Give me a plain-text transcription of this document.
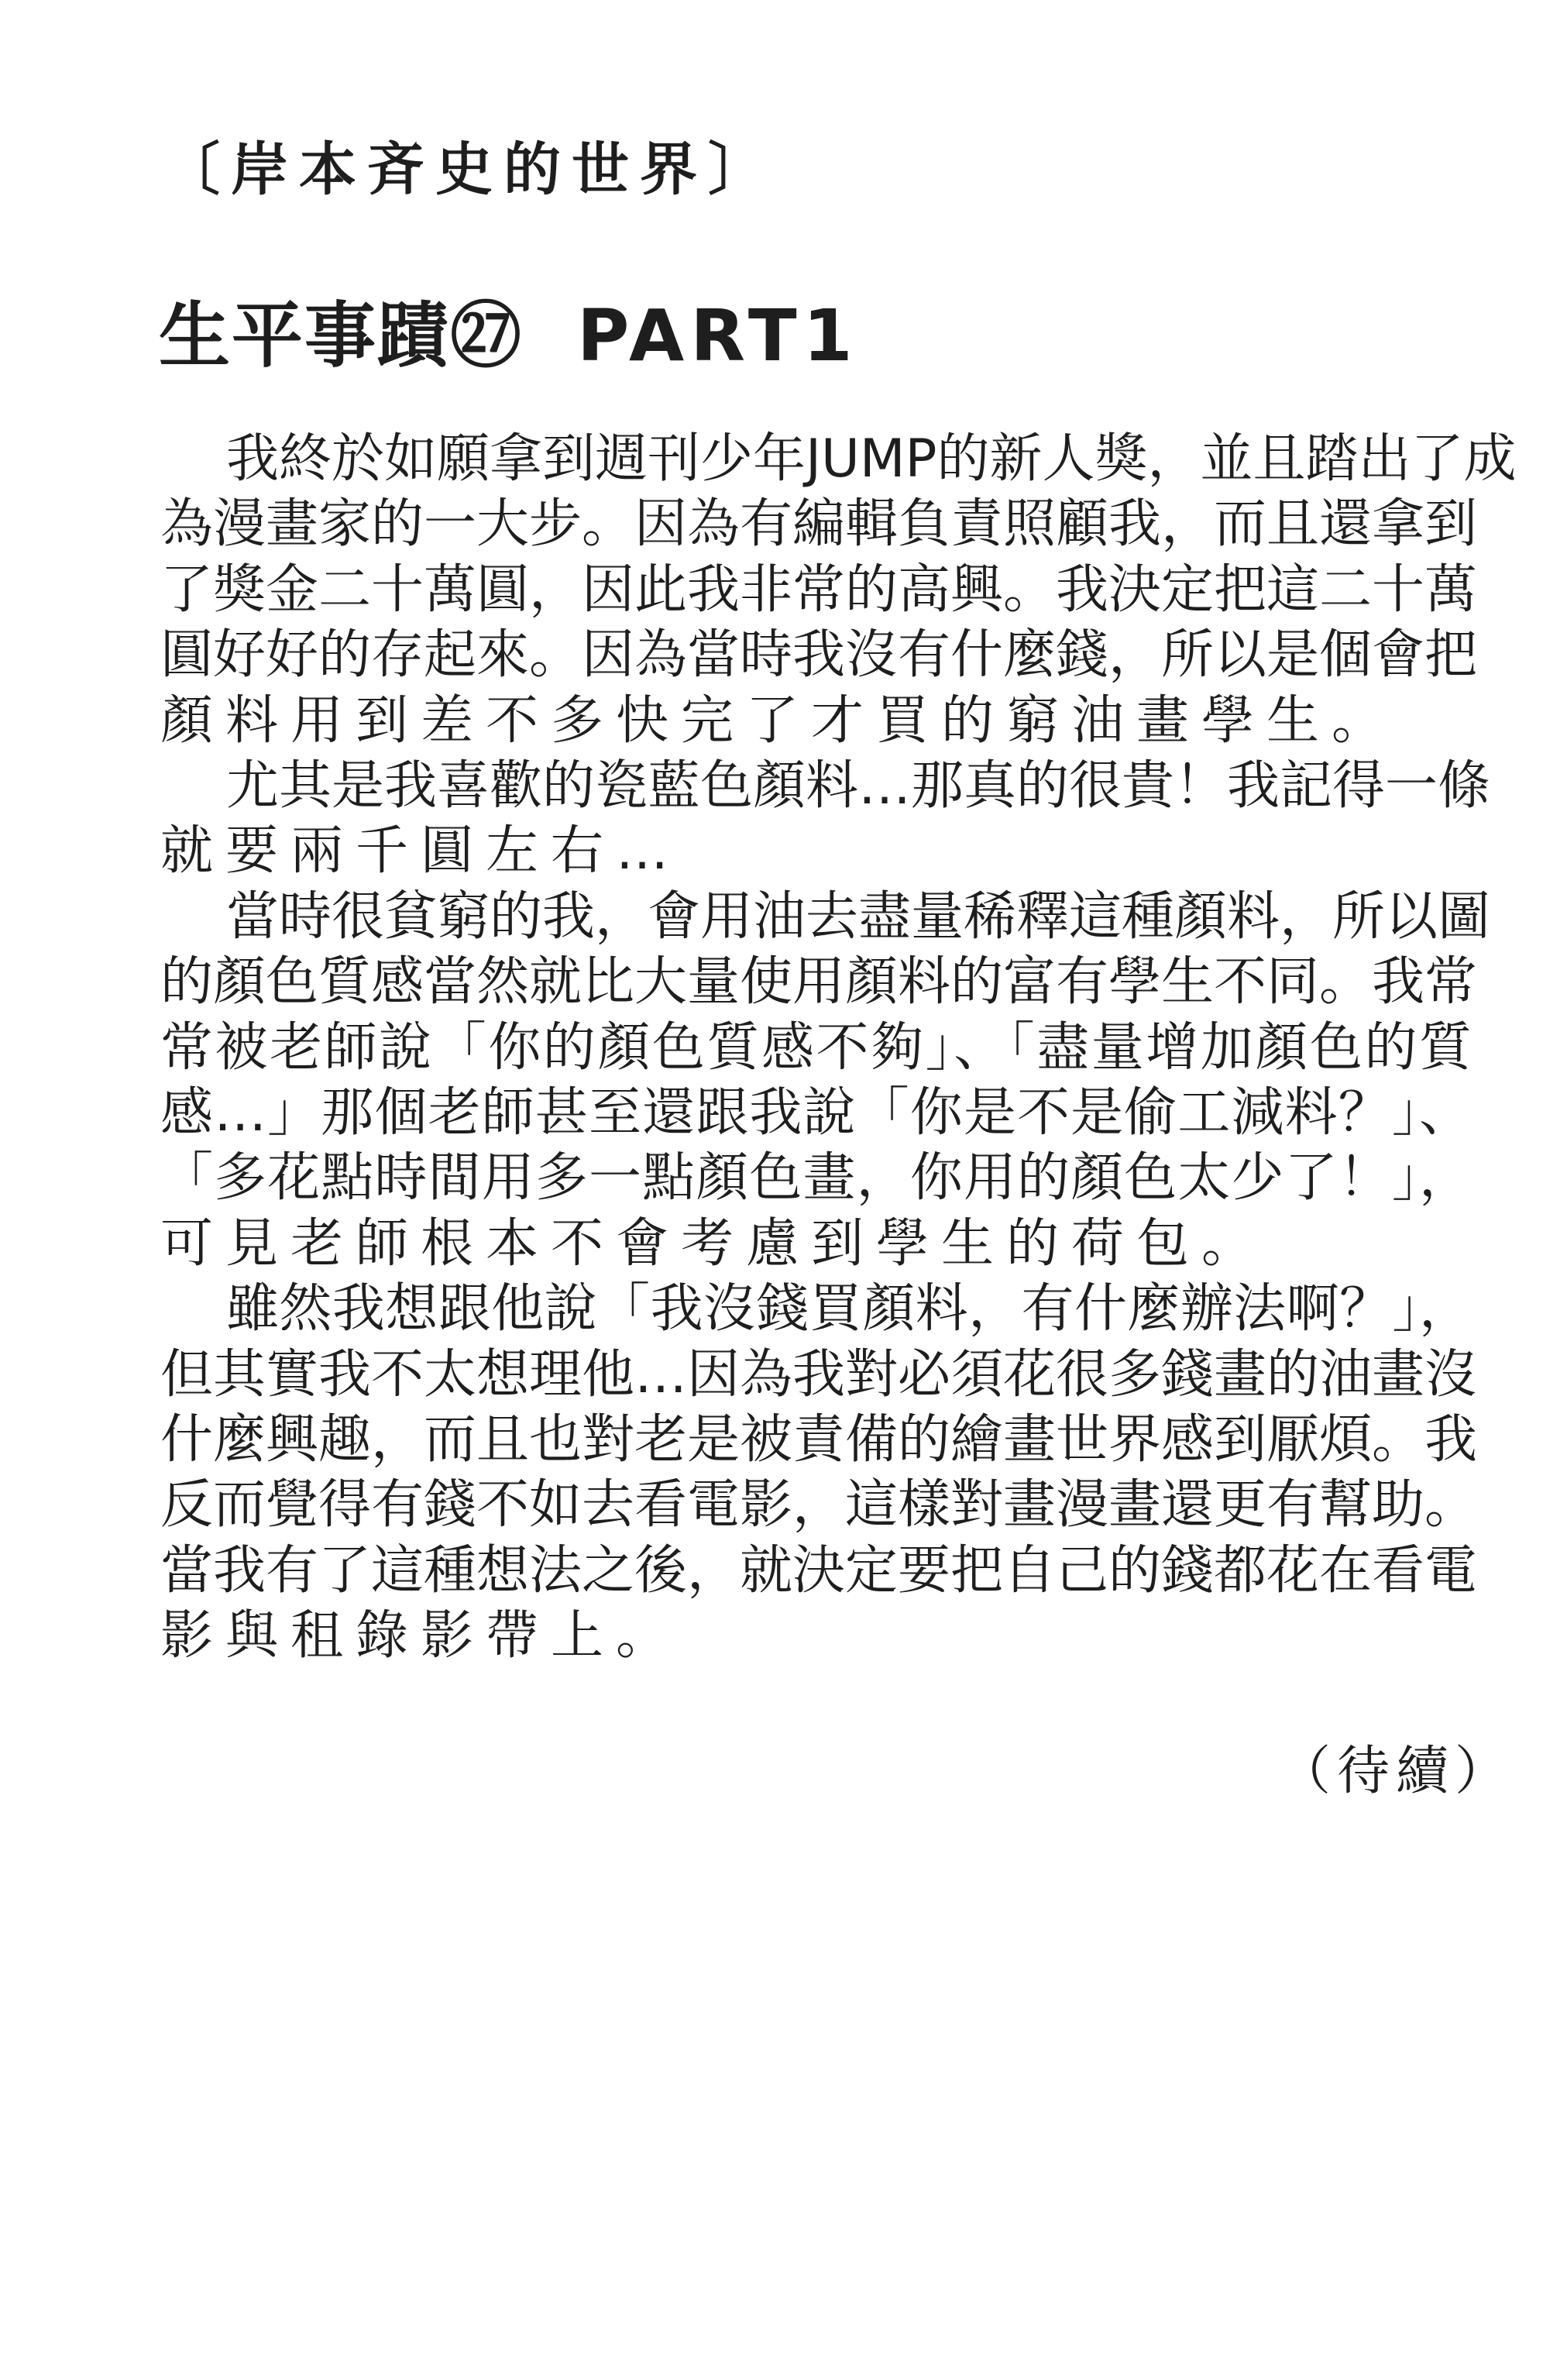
〔岸本斉史的世界〕
生平事蹟㉗ PART1
我終於如願拿到週刊少年JUMP的新人獎，並且踏出了成
為漫畫家的一大步。因為有編輯負責照顧我，而且還拿到
了獎金二十萬圓，因此我非常的高興。我決定把這二十萬
圓好好的存起來。因為當時我沒有什麼錢，所以是個會把
顏料用到差不多快完了才買的窮油畫學生。
尤其是我喜歡的瓷藍色顏料…那真的很貴！我記得一條
就要兩千圓左右…
當時很貧窮的我，會用油去盡量稀釋這種顏料，所以圖
的顏色質感當然就比大量使用顏料的富有學生不同。我常
常被老師說「你的顏色質感不夠」、「盡量增加顏色的質
感…」那個老師甚至還跟我說「你是不是偷工減料？」、
「多花點時間用多一點顏色畫，你用的顏色太少了！」，
可見老師根本不會考慮到學生的荷包。
雖然我想跟他說「我沒錢買顏料，有什麼辦法啊？」，
但其實我不太想理他…因為我對必須花很多錢畫的油畫沒
什麼興趣，而且也對老是被責備的繪畫世界感到厭煩。我
反而覺得有錢不如去看電影，這樣對畫漫畫還更有幫助。
當我有了這種想法之後，就決定要把自己的錢都花在看電
影與租錄影帶上。
（待續）
